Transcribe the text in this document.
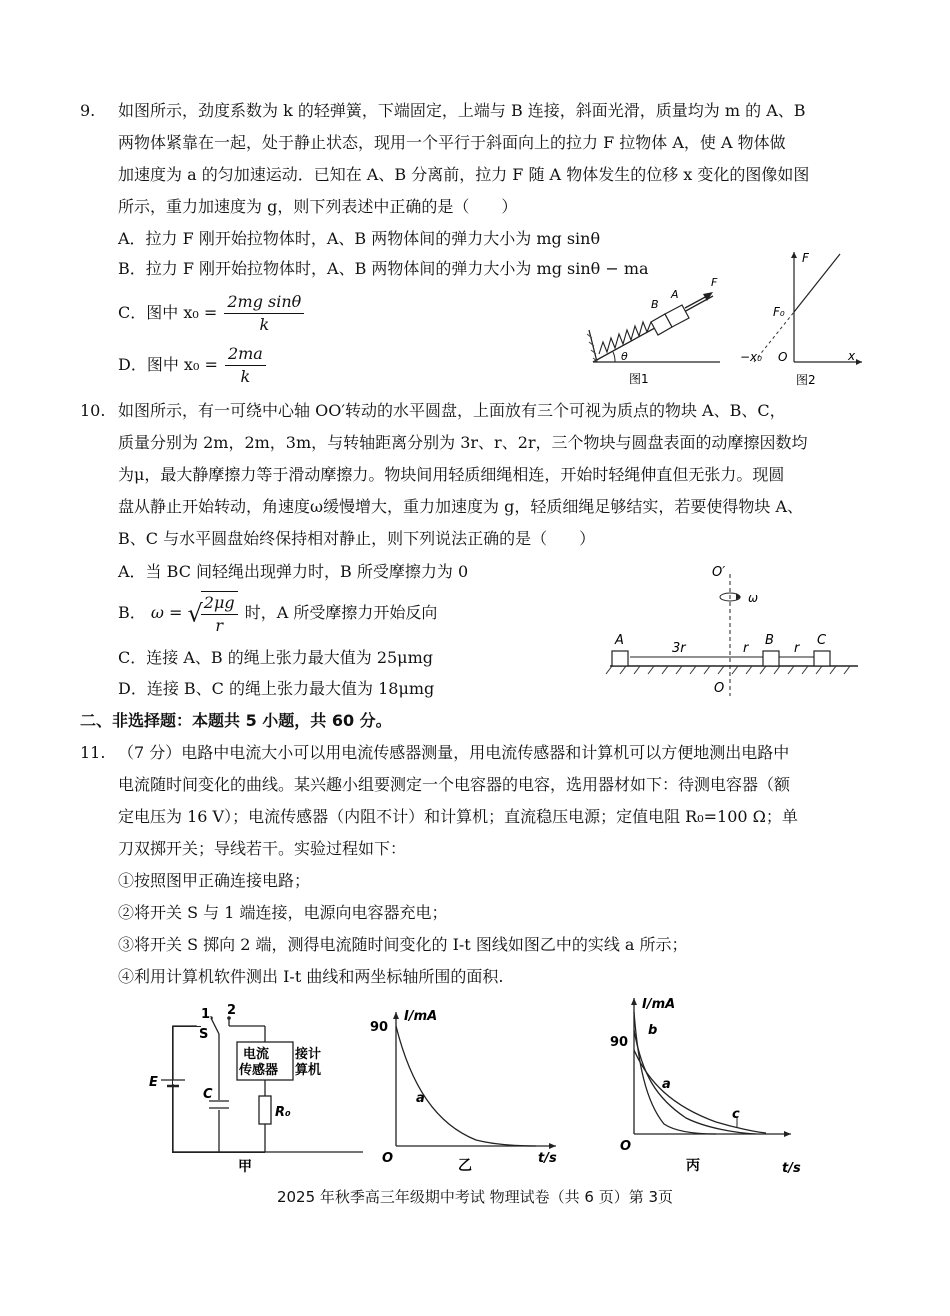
9. 如图所示，劲度系数为 k 的轻弹簧，下端固定，上端与 B 连接，斜面光滑，质量均为 m 的 A、B
两物体紧靠在一起，处于静止状态，现用一个平行于斜面向上的拉力 F 拉物体 A，使 A 物体做
加速度为 a 的匀加速运动．已知在 A、B 分离前，拉力 F 随 A 物体发生的位移 x 变化的图像如图
所示，重力加速度为 g，则下列表述中正确的是（　　）
A．拉力 F 刚开始拉物体时，A、B 两物体间的弹力大小为 mg sinθ
B．拉力 F 刚开始拉物体时，A、B 两物体间的弹力大小为 mg sinθ − ma
C．图中 $x_0 = \frac{\text{2mg sinθ}}{k}$
D．图中 $x_0 = \frac{2ma}{k}$
B
A
F
θ
图1
F
F₀
−x₀ O	x
图2
10. 如图所示，有一可绕中心轴 OO′转动的水平圆盘，上面放有三个可视为质点的物块 A、B、C，
质量分别为 2m，2m，3m，与转轴距离分别为 3r、r、2r，三个物块与圆盘表面的动摩擦因数均
为μ，最大静摩擦力等于滑动摩擦力。物块间用轻质细绳相连，开始时轻绳伸直但无张力。现圆
盘从静止开始转动，角速度ω缓慢增大，重力加速度为 g，轻质细绳足够结实，若要使得物块 A、
B、C 与水平圆盘始终保持相对静止，则下列说法正确的是（　　）
A．当 BC 间轻绳出现弹力时，B 所受摩擦力为 0
B． ω = √
$\frac{2\mu g}{r}$ 时，A 所受摩擦力开始反向
C．连接 A、B 的绳上张力最大值为 25μmg
D．连接 B、C 的绳上张力最大值为 18μmg
O′
ω
A	B	C
3r	r	r
O
二、非选择题：本题共 5 小题，共 60 分。
11. （7 分）电路中电流大小可以用电流传感器测量，用电流传感器和计算机可以方便地测出电路中
电流随时间变化的曲线。某兴趣小组要测定一个电容器的电容，选用器材如下：待测电容器（额
定电压为 16 V）；电流传感器（内阻不计）和计算机；直流稳压电源；定值电阻 R₀=100 Ω；单
刀双掷开关；导线若干。实验过程如下：
①按照图甲正确连接电路；
②将开关 S 与 1 端连接，电源向电容器充电；
③将开关 S 掷向 2 端，测得电流随时间变化的 I-t 图线如图乙中的实线 a 所示；
④利用计算机软件测出 I-t 曲线和两坐标轴所围的面积.
1 2
S
电流
传感器
接计
算机
E
C
R₀
甲
I/mA
90
a
O	t/s
乙
I/mA
90
b
a
c
O
t/s
丙
2025 年秋季高三年级期中考试 物理试卷（共 6 页）第 3页
